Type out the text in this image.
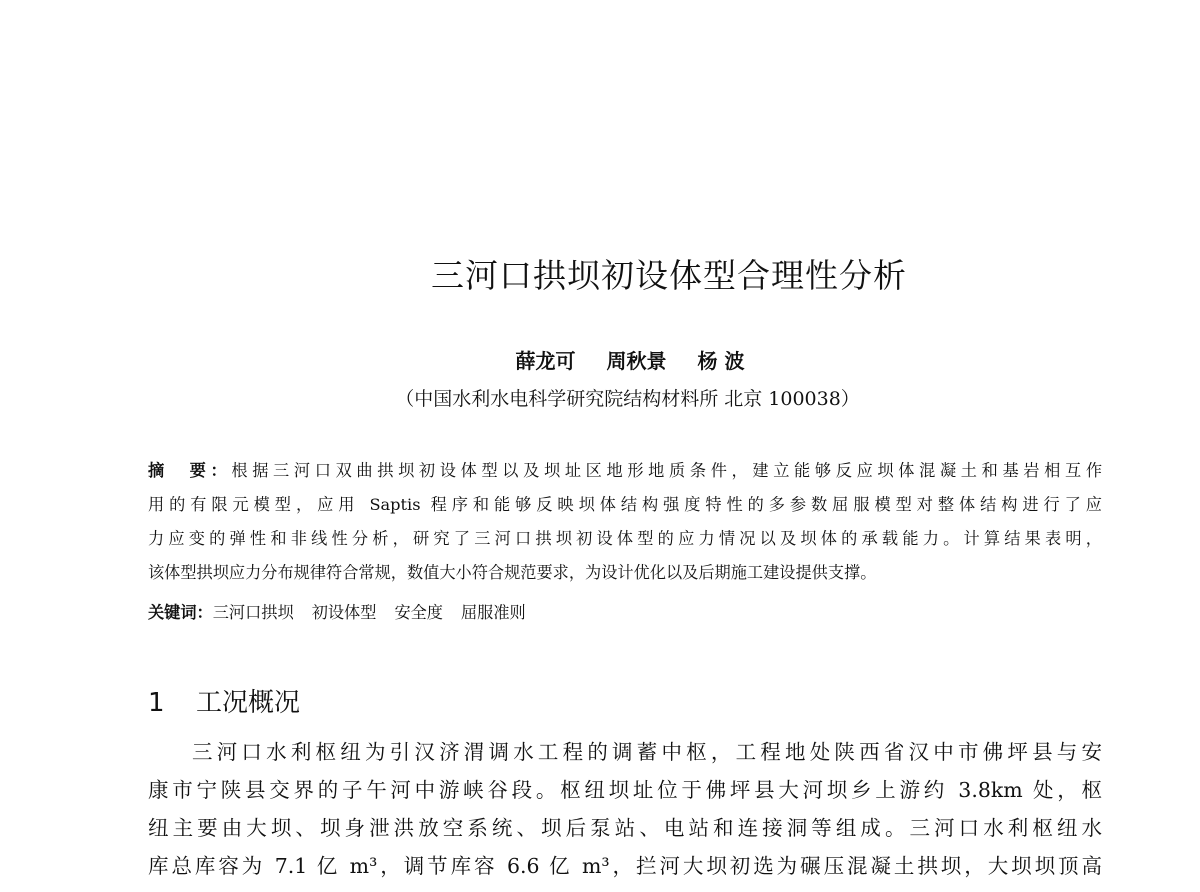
三河口拱坝初设体型合理性分析
薛龙可 周秋景 杨 波
（中国水利水电科学研究院结构材料所 北京 100038）
摘　要：根据三河口双曲拱坝初设体型以及坝址区地形地质条件，建立能够反应坝体混凝土和基岩相互作
用的有限元模型，应用 Saptis 程序和能够反映坝体结构强度特性的多参数屈服模型对整体结构进行了应
力应变的弹性和非线性分析，研究了三河口拱坝初设体型的应力情况以及坝体的承载能力。计算结果表明，
该体型拱坝应力分布规律符合常规，数值大小符合规范要求，为设计优化以及后期施工建设提供支撑。
关键词：三河口拱坝 初设体型 安全度 屈服准则
1 工况概况
三河口水利枢纽为引汉济渭调水工程的调蓄中枢，工程地处陕西省汉中市佛坪县与安
康市宁陕县交界的子午河中游峡谷段。枢纽坝址位于佛坪县大河坝乡上游约 3.8km 处，枢
纽主要由大坝、坝身泄洪放空系统、坝后泵站、电站和连接洞等组成。三河口水利枢纽水
库总库容为 7.1 亿 m³，调节库容 6.6 亿 m³，拦河大坝初选为碾压混凝土拱坝，大坝坝顶高
